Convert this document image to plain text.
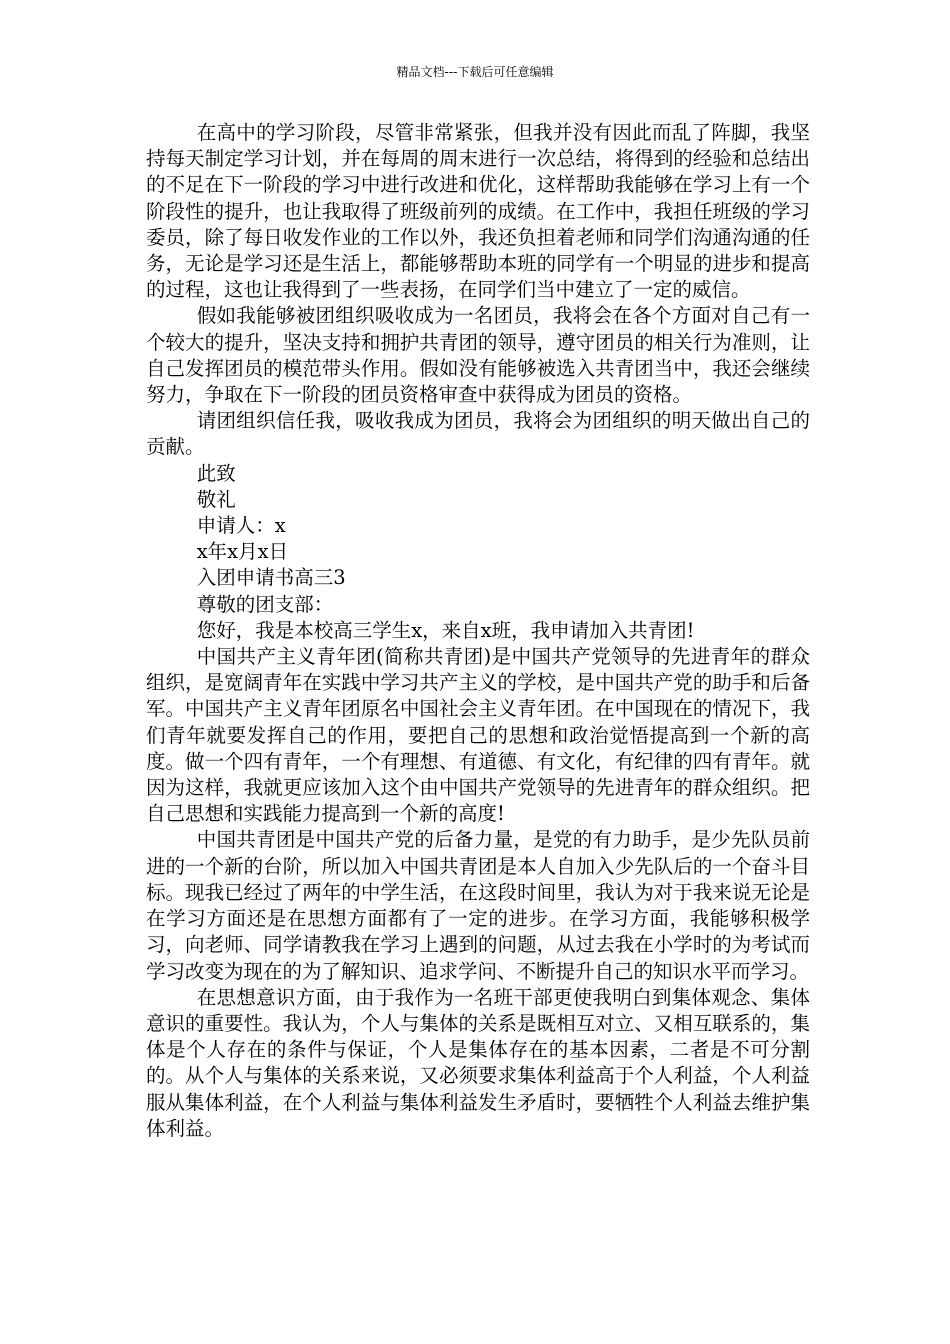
精品文档---下载后可任意编辑

在高中的学习阶段，尽管非常紧张，但我并没有因此而乱了阵脚，我坚持每天制定学习计划，并在每周的周末进行一次总结，将得到的经验和总结出的不足在下一阶段的学习中进行改进和优化，这样帮助我能够在学习上有一个阶段性的提升，也让我取得了班级前列的成绩。在工作中，我担任班级的学习委员，除了每日收发作业的工作以外，我还负担着老师和同学们沟通沟通的任务，无论是学习还是生活上，都能够帮助本班的同学有一个明显的进步和提高的过程，这也让我得到了一些表扬，在同学们当中建立了一定的威信。

假如我能够被团组织吸收成为一名团员，我将会在各个方面对自己有一个较大的提升，坚决支持和拥护共青团的领导，遵守团员的相关行为准则，让自己发挥团员的模范带头作用。假如没有能够被选入共青团当中，我还会继续努力，争取在下一阶段的团员资格审查中获得成为团员的资格。

请团组织信任我，吸收我成为团员，我将会为团组织的明天做出自己的贡献。

此致

敬礼

申请人：x

x年x月x日

入团申请书高三3

尊敬的团支部：

您好，我是本校高三学生x，来自x班，我申请加入共青团!

中国共产主义青年团(简称共青团)是中国共产党领导的先进青年的群众组织，是宽阔青年在实践中学习共产主义的学校，是中国共产党的助手和后备军。中国共产主义青年团原名中国社会主义青年团。在中国现在的情况下，我们青年就要发挥自己的作用，要把自己的思想和政治觉悟提高到一个新的高度。做一个四有青年，一个有理想、有道德、有文化，有纪律的四有青年。就因为这样，我就更应该加入这个由中国共产党领导的先进青年的群众组织。把自己思想和实践能力提高到一个新的高度!

中国共青团是中国共产党的后备力量，是党的有力助手，是少先队员前进的一个新的台阶，所以加入中国共青团是本人自加入少先队后的一个奋斗目标。现我已经过了两年的中学生活，在这段时间里，我认为对于我来说无论是在学习方面还是在思想方面都有了一定的进步。在学习方面，我能够积极学习，向老师、同学请教我在学习上遇到的问题，从过去我在小学时的为考试而学习改变为现在的为了解知识、追求学问、不断提升自己的知识水平而学习。

在思想意识方面，由于我作为一名班干部更使我明白到集体观念、集体意识的重要性。我认为，个人与集体的关系是既相互对立、又相互联系的，集体是个人存在的条件与保证，个人是集体存在的基本因素，二者是不可分割的。从个人与集体的关系来说，又必须要求集体利益高于个人利益，个人利益服从集体利益，在个人利益与集体利益发生矛盾时，要牺牲个人利益去维护集体利益。
